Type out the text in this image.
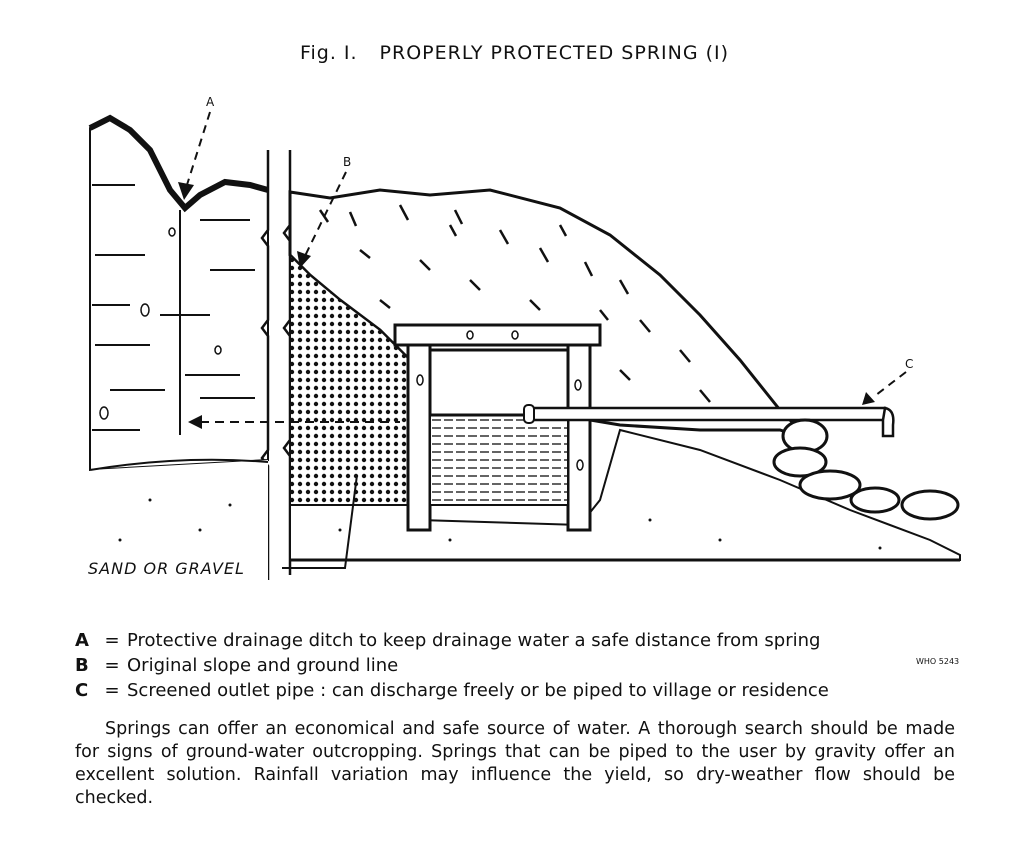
Fig. I. PROPERLY PROTECTED SPRING (I)
A
B
C
SAND OR GRAVEL
A = Protective drainage ditch to keep drainage water a safe distance from spring
B = Original slope and ground line
C = Screened outlet pipe : can discharge freely or be piped to village or residence
WHO 5243
Springs can offer an economical and safe source of water. A thorough search should be made for signs of ground-water outcropping. Springs that can be piped to the user by gravity offer an excellent solution. Rainfall variation may influence the yield, so dry-weather flow should be checked.
